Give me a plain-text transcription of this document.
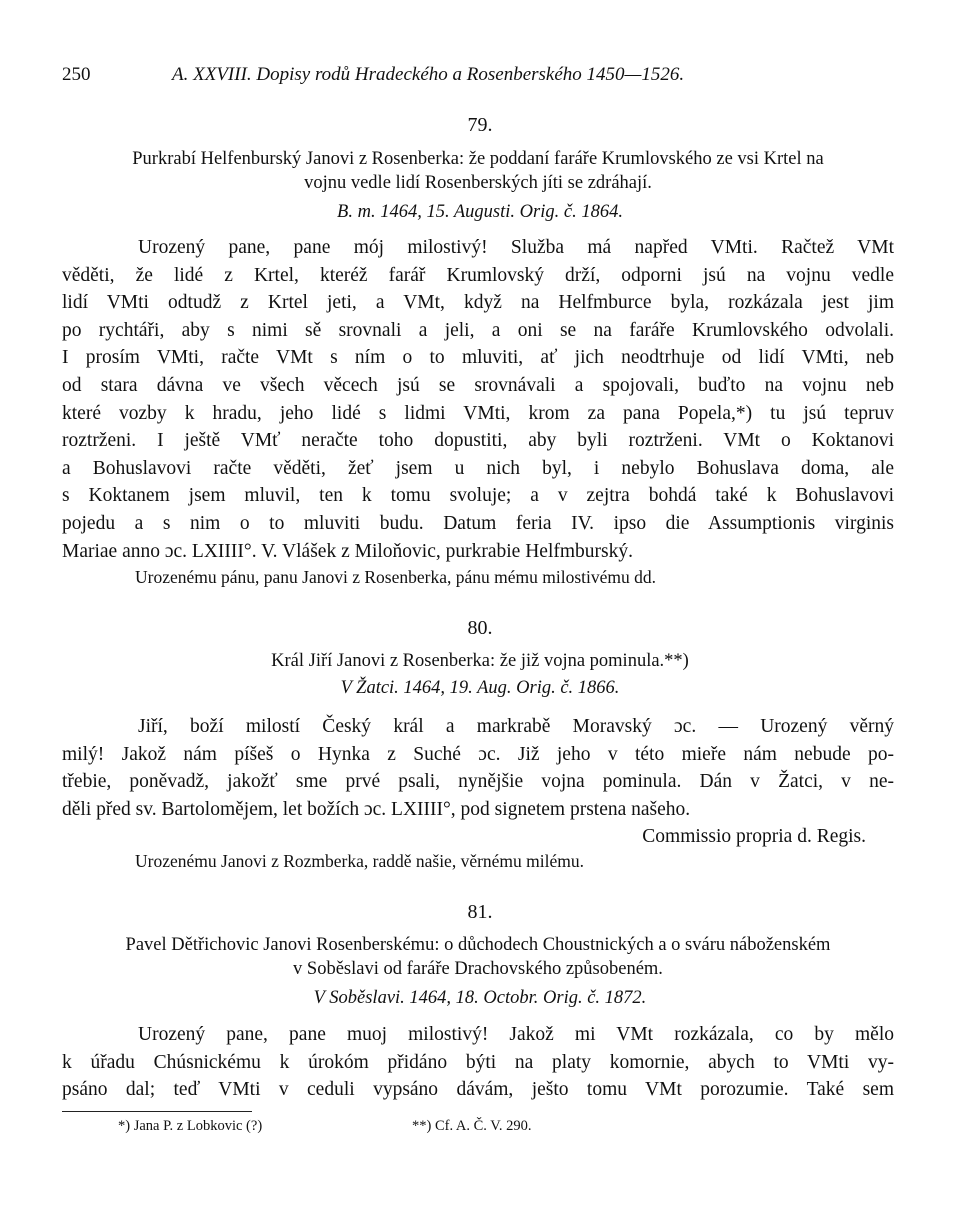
250	A. XXVIII. Dopisy rodů Hradeckého a Rosenberského 1450—1526.
79.
Purkrabí Helfenburský Janovi z Rosenberka: že poddaní faráře Krumlovského ze vsi Krtel na
vojnu vedle lidí Rosenberských jíti se zdráhají.
B. m. 1464, 15. Augusti. Orig. č. 1864.
Urozený pane, pane mój milostivý! Služba má napřed VMti. Račtež VMt
věděti, že lidé z Krtel, kteréž farář Krumlovský drží, odporni jsú na vojnu vedle
lidí VMti odtudž z Krtel jeti, a VMt, když na Helfmburce byla, rozkázala jest jim
po rychtáři, aby s nimi sě srovnali a jeli, a oni se na faráře Krumlovského odvolali.
I prosím VMti, račte VMt s ním o to mluviti, ať jich neodtrhuje od lidí VMti, neb
od stara dávna ve všech věcech jsú se srovnávali a spojovali, buďto na vojnu neb
které vozby k hradu, jeho lidé s lidmi VMti, krom za pana Popela,*) tu jsú tepruv
roztrženi. I ještě VMť neračte toho dopustiti, aby byli roztrženi. VMt o Koktanovi
a Bohuslavovi račte věděti, žeť jsem u nich byl, i nebylo Bohuslava doma, ale
s Koktanem jsem mluvil, ten k tomu svoluje; a v zejtra bohdá také k Bohuslavovi
pojedu a s nim o to mluviti budu. Datum feria IV. ipso die Assumptionis virginis
Mariae anno ɔc. LXIIII°. V. Vlášek z Miloňovic, purkrabie Helfmburský.
Urozenému pánu, panu Janovi z Rosenberka, pánu mému milostivému dd.
80.
Král Jiří Janovi z Rosenberka: že již vojna pominula.**)
V Žatci. 1464, 19. Aug. Orig. č. 1866.
Jiří, boží milostí Český král a markrabě Moravský ɔc. — Urozený věrný
milý! Jakož nám píšeš o Hynka z Suché ɔc. Již jeho v této mieře nám nebude po-
třebie, poněvadž, jakožť sme prvé psali, nynějšie vojna pominula. Dán v Žatci, v ne-
děli před sv. Bartolomějem, let božích ɔc. LXIIII°, pod signetem prstena našeho.
Commissio propria d. Regis.
Urozenému Janovi z Rozmberka, raddě našie, věrnému milému.
81.
Pavel Dětřichovic Janovi Rosenberskému: o důchodech Choustnických a o sváru náboženském
v Soběslavi od faráře Drachovského způsobeném.
V Soběslavi. 1464, 18. Octobr. Orig. č. 1872.
Urozený pane, pane muoj milostivý! Jakož mi VMt rozkázala, co by mělo
k úřadu Chúsnickému k úrokóm přidáno býti na platy komornie, abych to VMti vy-
psáno dal; teď VMti v ceduli vypsáno dávám, ješto tomu VMt porozumie. Také sem
*) Jana P. z Lobkovic (?)	**) Cf. A. Č. V. 290.
